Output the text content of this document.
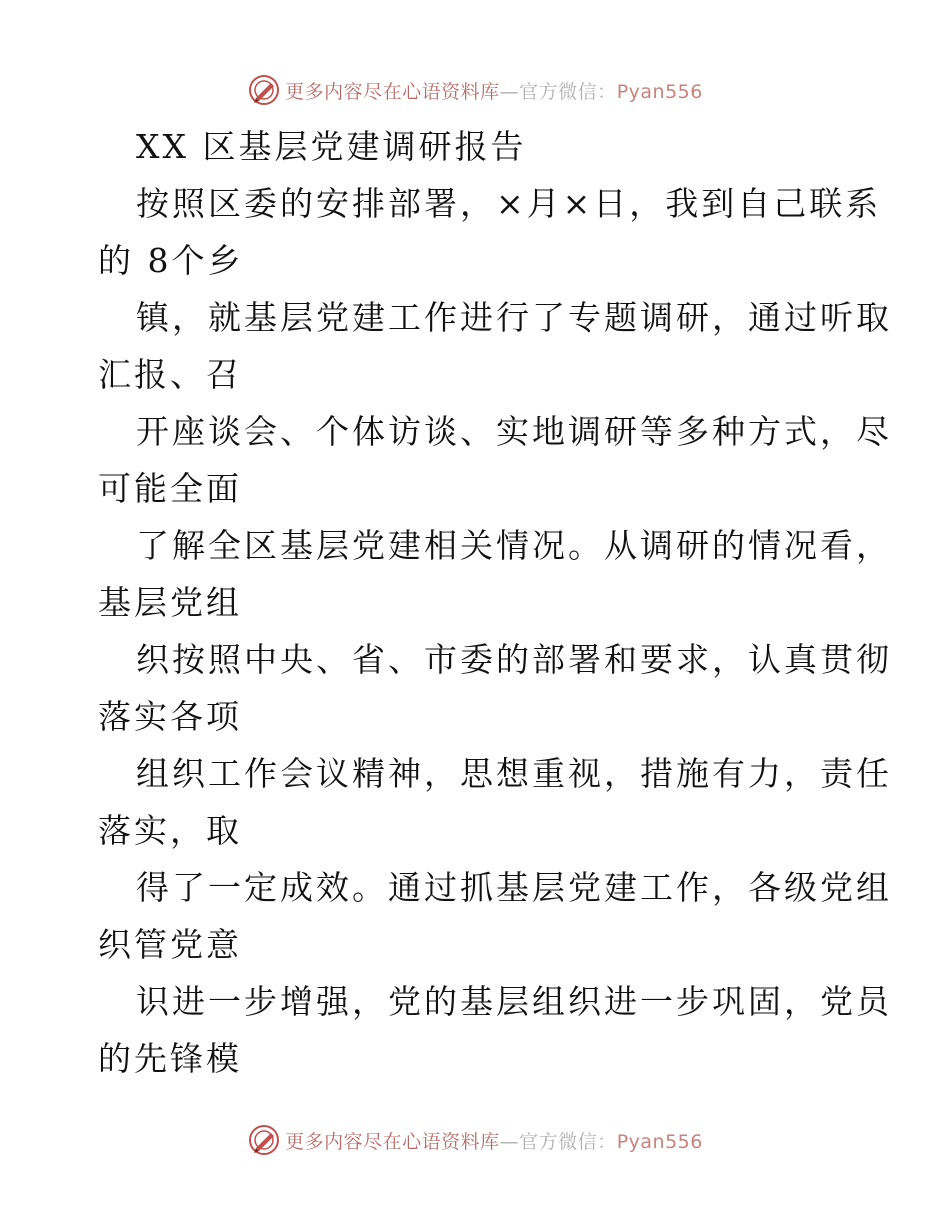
更多内容尽在心语资料库—官方微信：Pyan556
XX 区基层党建调研报告
按照区委的安排部署，×月×日，我到自己联系
的 8个乡
镇，就基层党建工作进行了专题调研，通过听取
汇报、召
开座谈会、个体访谈、实地调研等多种方式，尽
可能全面
了解全区基层党建相关情况。从调研的情况看，
基层党组
织按照中央、省、市委的部署和要求，认真贯彻
落实各项
组织工作会议精神，思想重视，措施有力，责任
落实，取
得了一定成效。通过抓基层党建工作，各级党组
织管党意
识进一步增强，党的基层组织进一步巩固，党员
的先锋模
更多内容尽在心语资料库—官方微信：Pyan556
